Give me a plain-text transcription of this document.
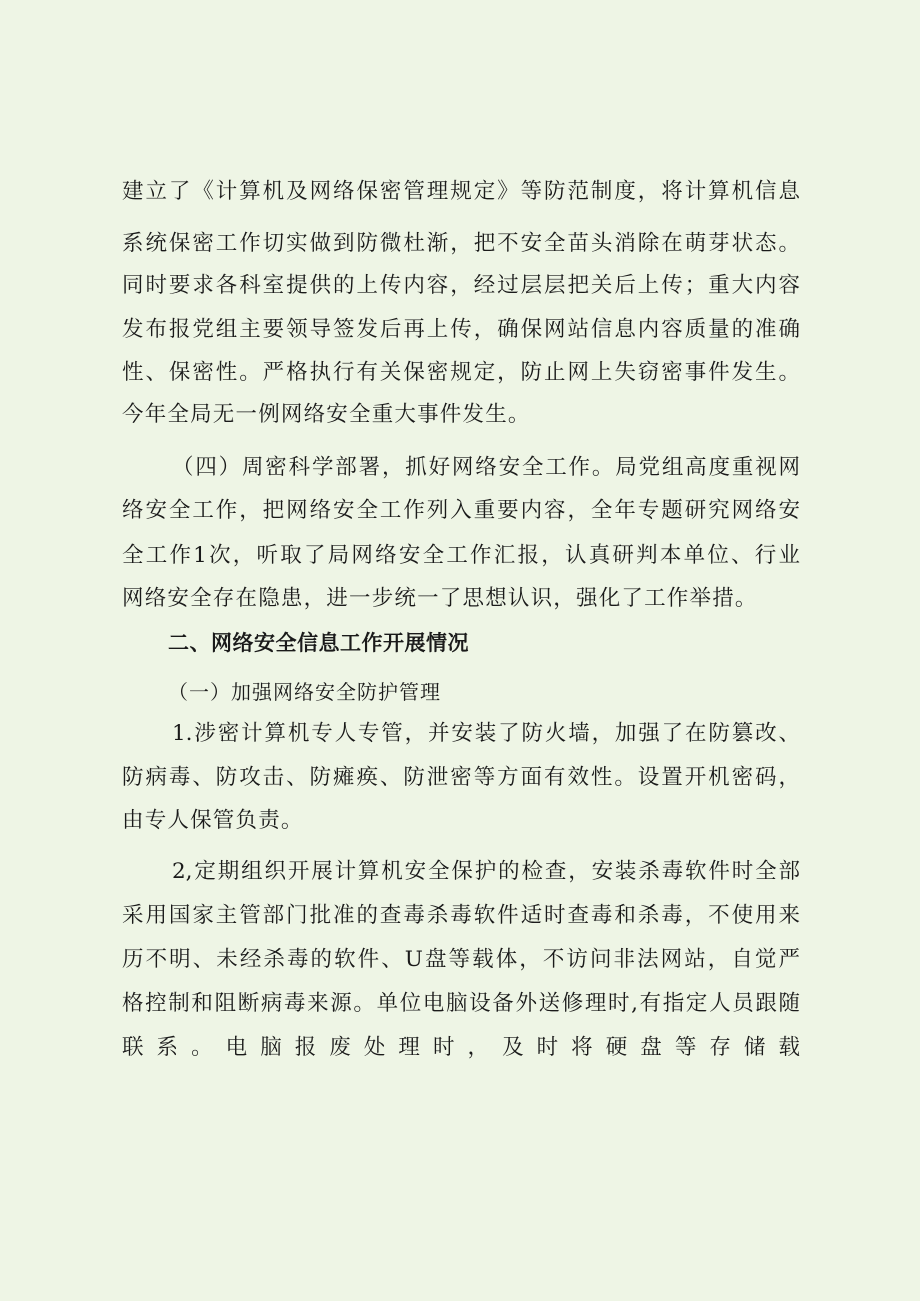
建立了《计算机及网络保密管理规定》等防范制度，将计算机信息
系统保密工作切实做到防微杜渐，把不安全苗头消除在萌芽状态。
同时要求各科室提供的上传内容，经过层层把关后上传；重大内容
发布报党组主要领导签发后再上传，确保网站信息内容质量的准确
性、保密性。严格执行有关保密规定，防止网上失窃密事件发生。
今年全局无一例网络安全重大事件发生。
（四）周密科学部署，抓好网络安全工作。局党组高度重视网
络安全工作，把网络安全工作列入重要内容，全年专题研究网络安
全工作1次，听取了局网络安全工作汇报，认真研判本单位、行业
网络安全存在隐患，进一步统一了思想认识，强化了工作举措。
二、网络安全信息工作开展情况
（一）加强网络安全防护管理
1.涉密计算机专人专管，并安装了防火墙，加强了在防篡改、
防病毒、防攻击、防瘫痪、防泄密等方面有效性。设置开机密码，
由专人保管负责。
2,定期组织开展计算机安全保护的检查，安装杀毒软件时全部
采用国家主管部门批准的查毒杀毒软件适时查毒和杀毒，不使用来
历不明、未经杀毒的软件、U盘等载体，不访问非法网站，自觉严
格控制和阻断病毒来源。单位电脑设备外送修理时,有指定人员跟随
联系。电脑报废处理时，及时将硬盘等存储载
